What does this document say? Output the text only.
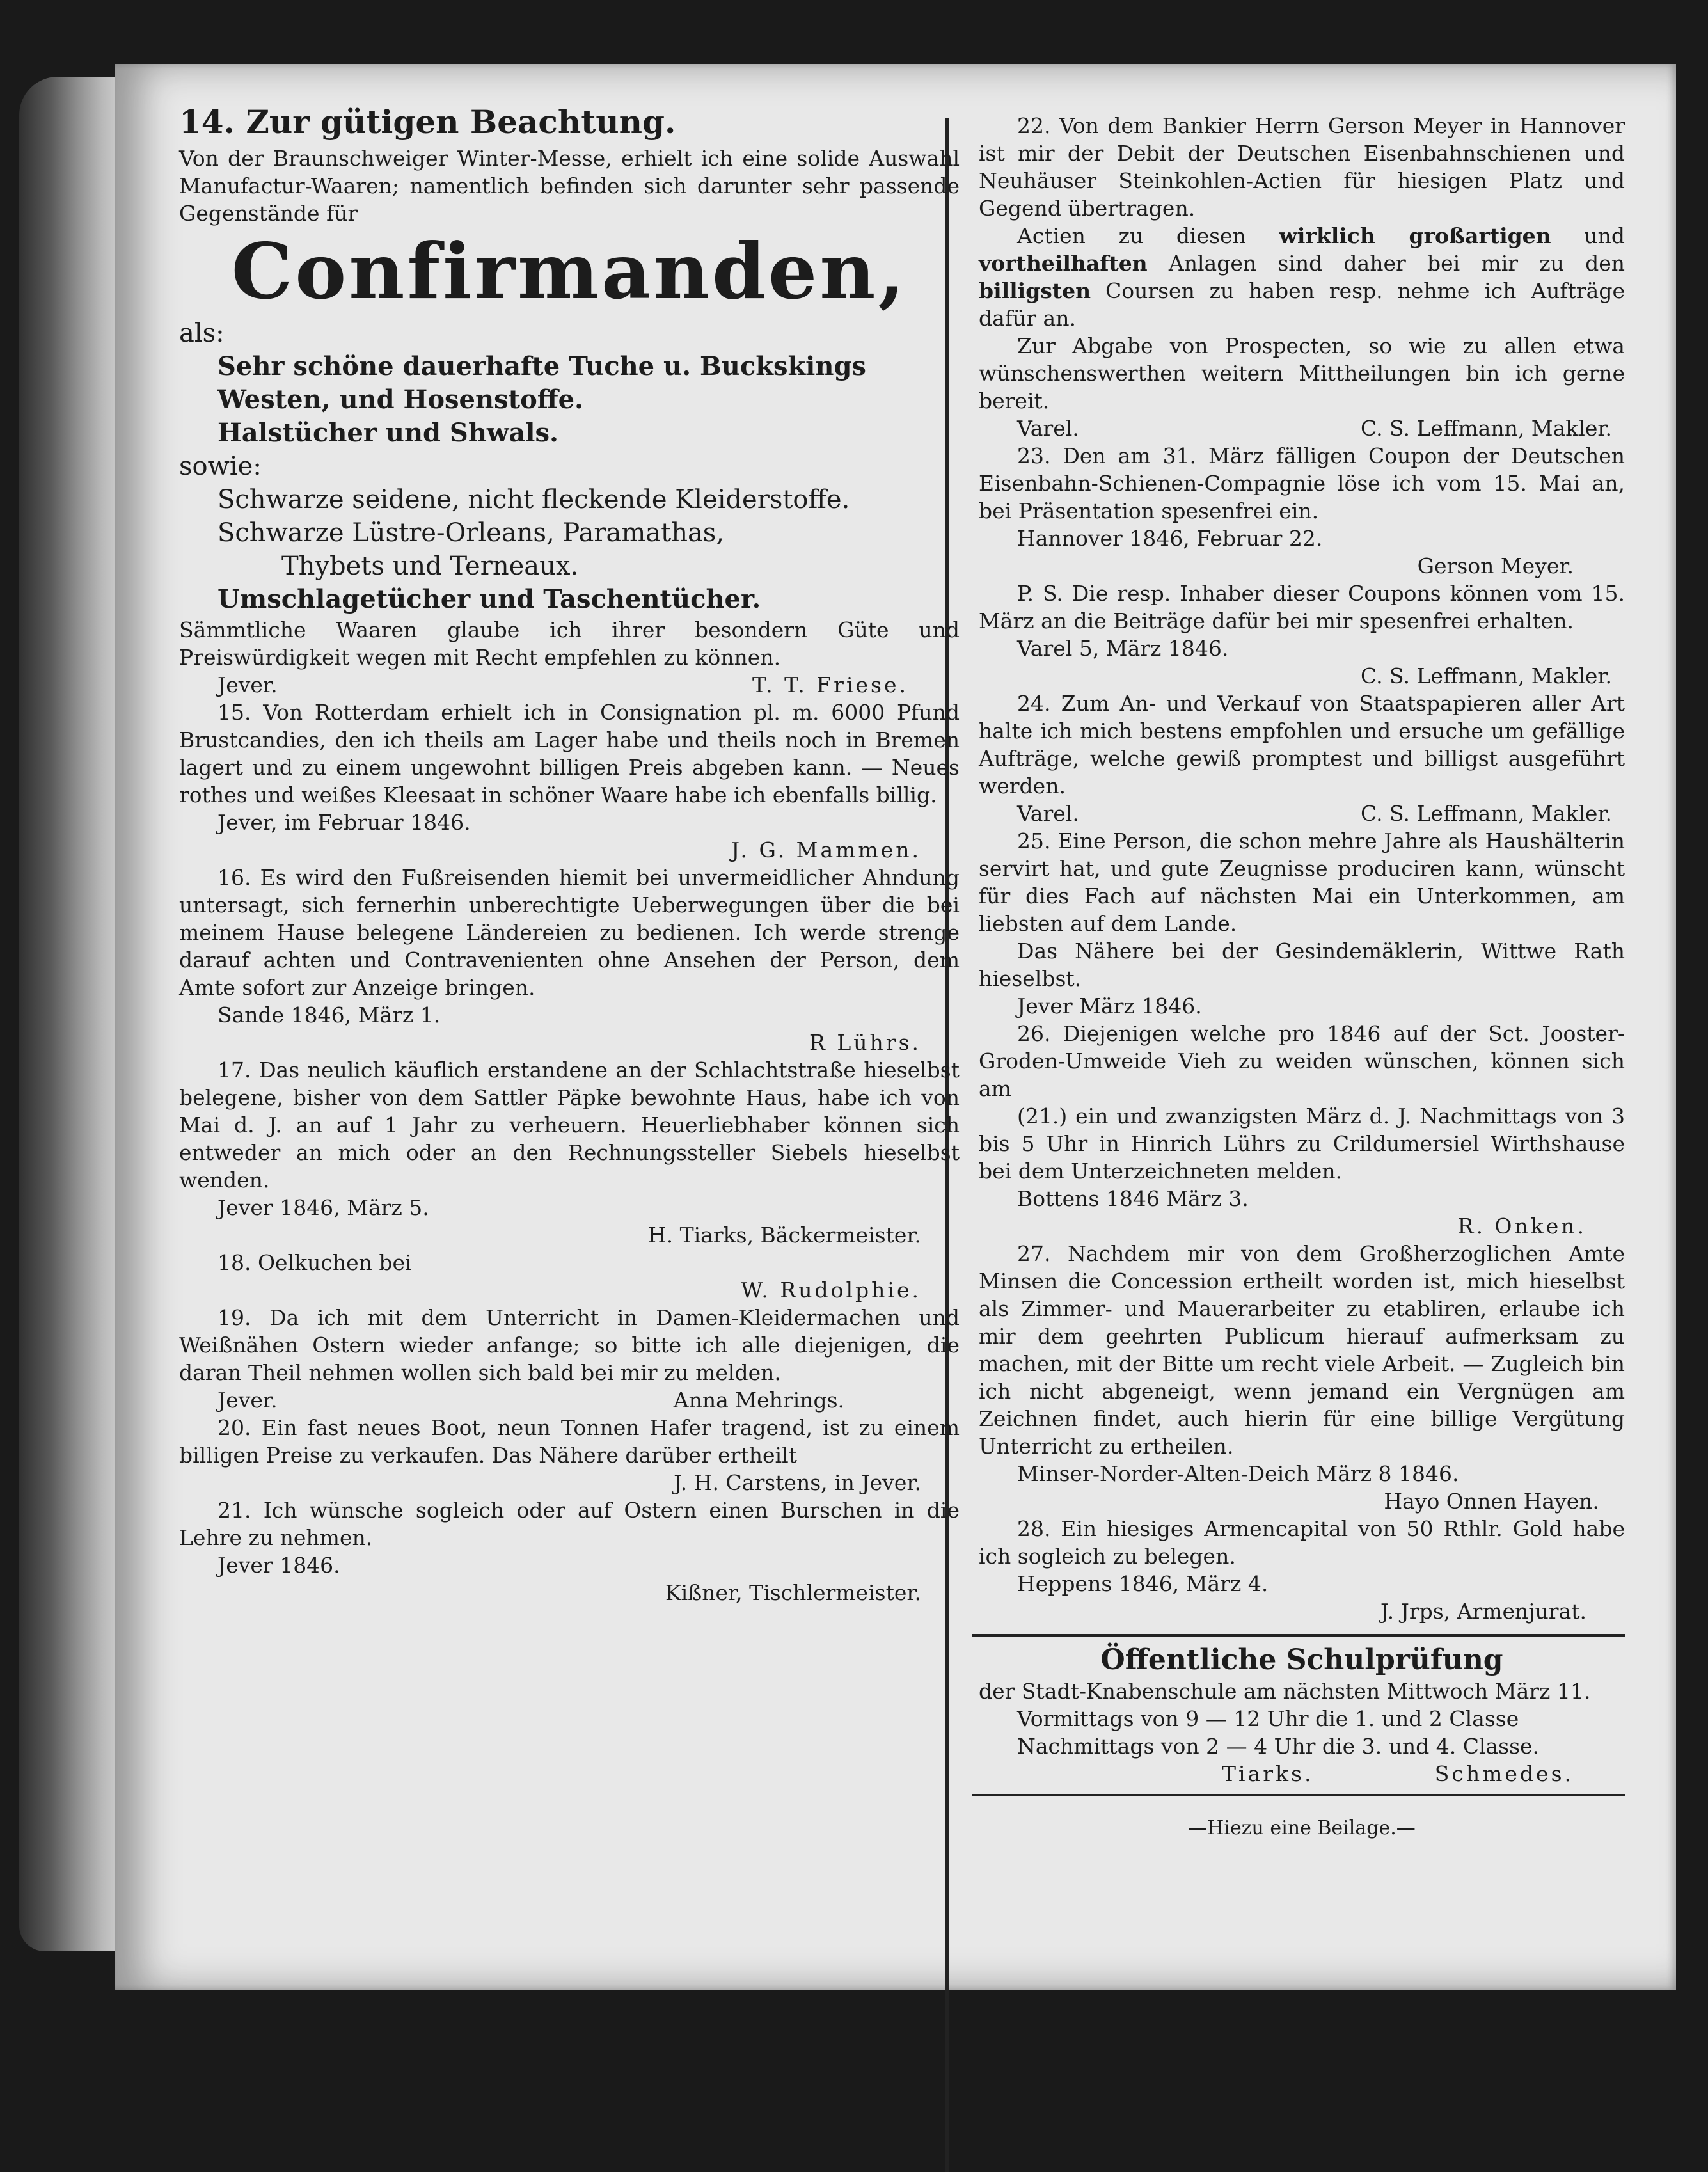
14. Zur gütigen Beachtung.

Von der Braunschweiger Winter-Messe, erhielt ich eine solide Auswahl Manufactur-Waaren; namentlich befinden sich darunter sehr passende Gegenstände für

Confirmanden,

als:

Sehr schöne dauerhafte Tuche u. Buckskings

Westen, und Hosenstoffe.

Halstücher und Shwals.

sowie:

Schwarze seidene, nicht fleckende Kleiderstoffe.

Schwarze Lüstre-Orleans, Paramathas,

Thybets und Terneaux.

Umschlagetücher und Taschentücher.

Sämmtliche Waaren glaube ich ihrer besondern Güte und Preiswürdigkeit wegen mit Recht empfehlen zu können.

Jever.	T. T. Friese.

15. Von Rotterdam erhielt ich in Consignation pl. m. 6000 Pfund Brustcandies, den ich theils am Lager habe und theils noch in Bremen lagert und zu einem ungewohnt billigen Preis abgeben kann. — Neues rothes und weißes Kleesaat in schöner Waare habe ich ebenfalls billig.

Jever, im Februar 1846.

J. G. Mammen.

16. Es wird den Fußreisenden hiemit bei unvermeidlicher Ahndung untersagt, sich fernerhin unberechtigte Ueberwegungen über die bei meinem Hause belegene Ländereien zu bedienen. Ich werde strenge darauf achten und Contravenienten ohne Ansehen der Person, dem Amte sofort zur Anzeige bringen.

Sande 1846, März 1.

R Lührs.

17. Das neulich käuflich erstandene an der Schlachtstraße hieselbst belegene, bisher von dem Sattler Päpke bewohnte Haus, habe ich von Mai d. J. an auf 1 Jahr zu verheuern. Heuerliebhaber können sich entweder an mich oder an den Rechnungssteller Siebels hieselbst wenden.

Jever 1846, März 5.

H. Tiarks, Bäckermeister.

18. Oelkuchen bei

W. Rudolphie.

19. Da ich mit dem Unterricht in Damen-Kleidermachen und Weißnähen Ostern wieder anfange; so bitte ich alle diejenigen, die daran Theil nehmen wollen sich bald bei mir zu melden.

Jever.	Anna Mehrings.

20. Ein fast neues Boot, neun Tonnen Hafer tragend, ist zu einem billigen Preise zu verkaufen. Das Nähere darüber ertheilt

J. H. Carstens, in Jever.

21. Ich wünsche sogleich oder auf Ostern einen Burschen in die Lehre zu nehmen.

Jever 1846.

Kißner, Tischlermeister.

22. Von dem Bankier Herrn Gerson Meyer in Hannover ist mir der Debit der Deutschen Eisenbahnschienen und Neuhäuser Steinkohlen-Actien für hiesigen Platz und Gegend übertragen.

Actien zu diesen wirklich großartigen und vortheilhaften Anlagen sind daher bei mir zu den billigsten Coursen zu haben resp. nehme ich Aufträge dafür an.

Zur Abgabe von Prospecten, so wie zu allen etwa wünschenswerthen weitern Mittheilungen bin ich gerne bereit.

Varel.	C. S. Leffmann, Makler.

23. Den am 31. März fälligen Coupon der Deutschen Eisenbahn-Schienen-Compagnie löse ich vom 15. Mai an, bei Präsentation spesenfrei ein.

Hannover 1846, Februar 22.

Gerson Meyer.

P. S. Die resp. Inhaber dieser Coupons können vom 15. März an die Beiträge dafür bei mir spesenfrei erhalten.

Varel 5, März 1846.

C. S. Leffmann, Makler.

24. Zum An- und Verkauf von Staatspapieren aller Art halte ich mich bestens empfohlen und ersuche um gefällige Aufträge, welche gewiß promptest und billigst ausgeführt werden.

Varel.	C. S. Leffmann, Makler.

25. Eine Person, die schon mehre Jahre als Haushälterin servirt hat, und gute Zeugnisse produciren kann, wünscht für dies Fach auf nächsten Mai ein Unterkommen, am liebsten auf dem Lande.

Das Nähere bei der Gesindemäklerin, Wittwe Rath hieselbst.

Jever März 1846.

26. Diejenigen welche pro 1846 auf der Sct. Jooster-Groden-Umweide Vieh zu weiden wünschen, können sich am

(21.) ein und zwanzigsten März d. J. Nachmittags von 3 bis 5 Uhr in Hinrich Lührs zu Crildumersiel Wirthshause bei dem Unterzeichneten melden.

Bottens 1846 März 3.

R. Onken.

27. Nachdem mir von dem Großherzoglichen Amte Minsen die Concession ertheilt worden ist, mich hieselbst als Zimmer- und Mauerarbeiter zu etabliren, erlaube ich mir dem geehrten Publicum hierauf aufmerksam zu machen, mit der Bitte um recht viele Arbeit. — Zugleich bin ich nicht abgeneigt, wenn jemand ein Vergnügen am Zeichnen findet, auch hierin für eine billige Vergütung Unterricht zu ertheilen.

Minser-Norder-Alten-Deich März 8 1846.

Hayo Onnen Hayen.

28. Ein hiesiges Armencapital von 50 Rthlr. Gold habe ich sogleich zu belegen.

Heppens 1846, März 4.

J. Jrps, Armenjurat.

Öffentliche Schulprüfung

der Stadt-Knabenschule am nächsten Mittwoch März 11.

Vormittags von 9 — 12 Uhr die 1. und 2 Classe

Nachmittags von 2 — 4 Uhr die 3. und 4. Classe.

Tiarks.	Schmedes.

—Hiezu eine Beilage.—
